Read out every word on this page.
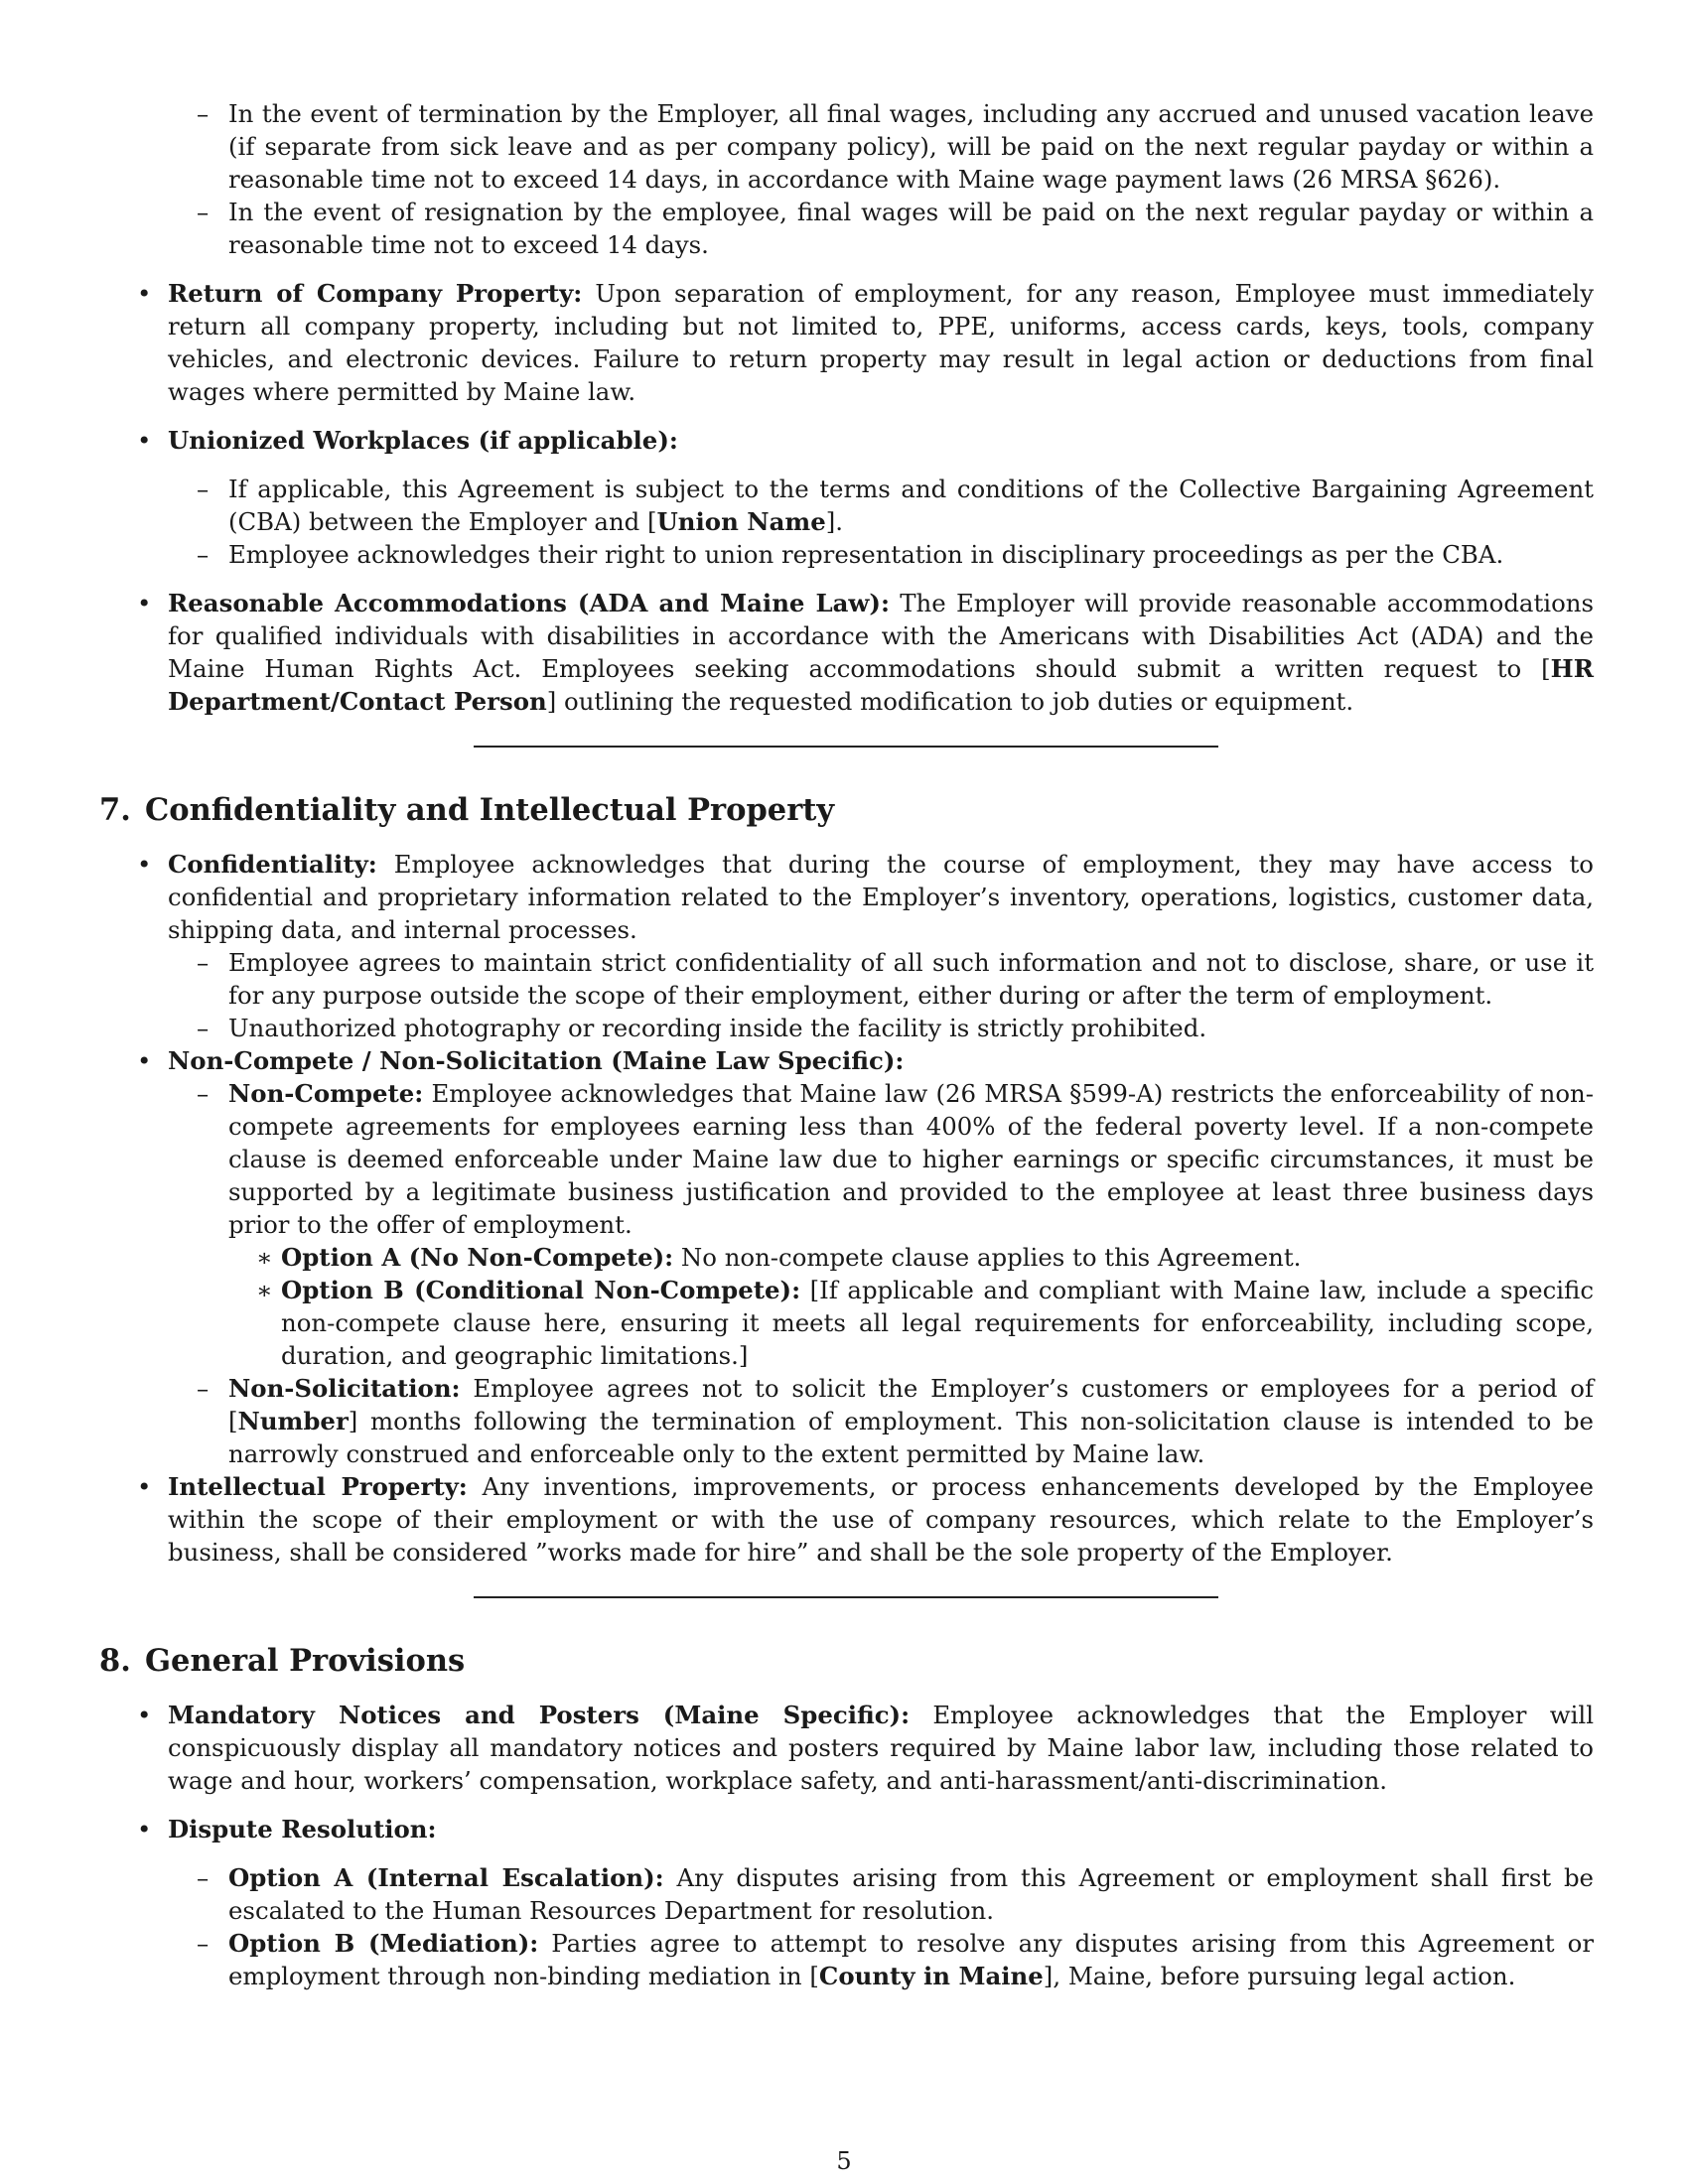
– In the event of termination by the Employer, all final wages, including any accrued and unused vacation leave (if separate from sick leave and as per company policy), will be paid on the next regular payday or within a reasonable time not to exceed 14 days, in accordance with Maine wage payment laws (26 MRSA §626).
– In the event of resignation by the employee, final wages will be paid on the next regular payday or within a reasonable time not to exceed 14 days.
• Return of Company Property: Upon separation of employment, for any reason, Employee must immediately return all company property, including but not limited to, PPE, uniforms, access cards, keys, tools, company vehicles, and electronic devices. Failure to return property may result in legal action or deductions from final wages where permitted by Maine law.
• Unionized Workplaces (if applicable):
– If applicable, this Agreement is subject to the terms and conditions of the Collective Bargaining Agreement (CBA) between the Employer and [Union Name].
– Employee acknowledges their right to union representation in disciplinary proceedings as per the CBA.
• Reasonable Accommodations (ADA and Maine Law): The Employer will provide reasonable accommodations for qualified individuals with disabilities in accordance with the Americans with Disabilities Act (ADA) and the Maine Human Rights Act. Employees seeking accommodations should submit a written request to [HR Department/Contact Person] outlining the requested modification to job duties or equipment.
7. Confidentiality and Intellectual Property
• Confidentiality: Employee acknowledges that during the course of employment, they may have access to confidential and proprietary information related to the Employer’s inventory, operations, logistics, customer data, shipping data, and internal processes.
– Employee agrees to maintain strict confidentiality of all such information and not to disclose, share, or use it for any purpose outside the scope of their employment, either during or after the term of employment.
– Unauthorized photography or recording inside the facility is strictly prohibited.
• Non-Compete / Non-Solicitation (Maine Law Specific):
– Non-Compete: Employee acknowledges that Maine law (26 MRSA §599-A) restricts the enforceability of non-compete agreements for employees earning less than 400% of the federal poverty level. If a non-compete clause is deemed enforceable under Maine law due to higher earnings or specific circumstances, it must be supported by a legitimate business justification and provided to the employee at least three business days prior to the offer of employment.
∗ Option A (No Non-Compete): No non-compete clause applies to this Agreement.
∗ Option B (Conditional Non-Compete): [If applicable and compliant with Maine law, include a specific non-compete clause here, ensuring it meets all legal requirements for enforceability, including scope, duration, and geographic limitations.]
– Non-Solicitation: Employee agrees not to solicit the Employer’s customers or employees for a period of [Number] months following the termination of employment. This non-solicitation clause is intended to be narrowly construed and enforceable only to the extent permitted by Maine law.
• Intellectual Property: Any inventions, improvements, or process enhancements developed by the Employee within the scope of their employment or with the use of company resources, which relate to the Employer’s business, shall be considered ”works made for hire” and shall be the sole property of the Employer.
8. General Provisions
• Mandatory Notices and Posters (Maine Specific): Employee acknowledges that the Employer will conspicuously display all mandatory notices and posters required by Maine labor law, including those related to wage and hour, workers’ compensation, workplace safety, and anti-harassment/anti-discrimination.
• Dispute Resolution:
– Option A (Internal Escalation): Any disputes arising from this Agreement or employment shall first be escalated to the Human Resources Department for resolution.
– Option B (Mediation): Parties agree to attempt to resolve any disputes arising from this Agreement or employment through non-binding mediation in [County in Maine], Maine, before pursuing legal action.
5
